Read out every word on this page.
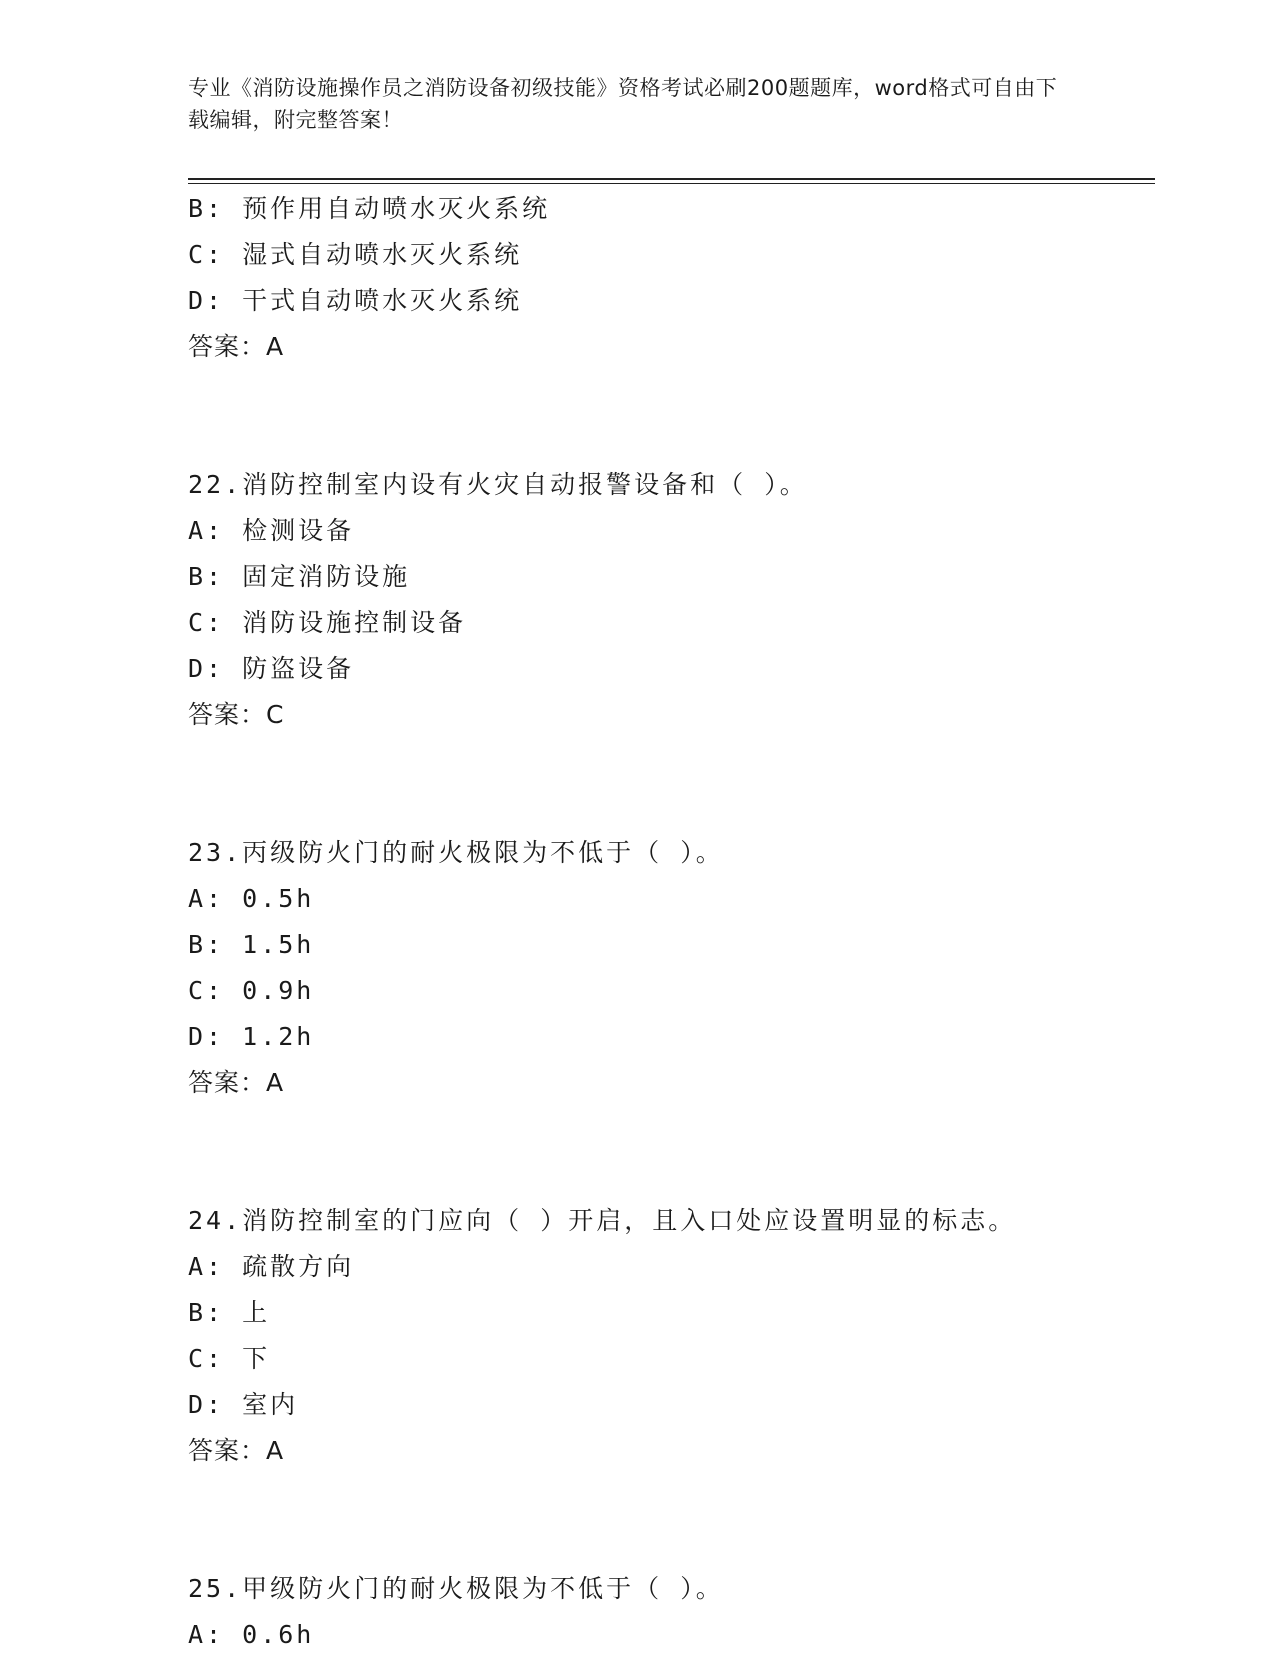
专业《消防设施操作员之消防设备初级技能》资格考试必刷200题题库，word格式可自由下载编辑，附完整答案！
B: 预作用自动喷水灭火系统
C: 湿式自动喷水灭火系统
D: 干式自动喷水灭火系统
答案：A
22.消防控制室内设有火灾自动报警设备和（ ）。
A: 检测设备
B: 固定消防设施
C: 消防设施控制设备
D: 防盗设备
答案：C
23.丙级防火门的耐火极限为不低于（ ）。
A: 0.5h
B: 1.5h
C: 0.9h
D: 1.2h
答案：A
24.消防控制室的门应向（ ）开启，且入口处应设置明显的标志。
A: 疏散方向
B: 上
C: 下
D: 室内
答案：A
25.甲级防火门的耐火极限为不低于（ ）。
A: 0.6h
